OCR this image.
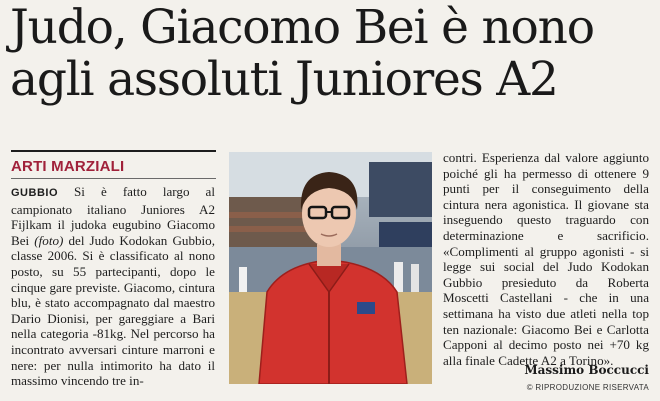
Judo, Giacomo Bei è nono
agli assoluti Juniores A2
ARTI MARZIALI

GUBBIO Si è fatto largo al campionato italiano Juniores A2 Fijlkam il judoka eugubino Giacomo Bei (foto) del Judo Kodokan Gubbio, classe 2006. Si è classificato al nono posto, su 55 partecipanti, dopo le cinque gare previste. Giacomo, cintura blu, è stato accompagnato dal maestro Dario Dionisi, per gareggiare a Bari nella categoria -81kg. Nel percorso ha incontrato avversari cinture marroni e nere: per nulla intimorito ha dato il massimo vincendo tre in-

contri. Esperienza dal valore aggiunto poiché gli ha permesso di ottenere 9 punti per il conseguimento della cintura nera agonistica. Il giovane sta inseguendo questo traguardo con determinazione e sacrificio. «Complimenti al gruppo agonisti - si legge sui social del Judo Kodokan Gubbio presieduto da Roberta Moscetti Castellani - che in una settimana ha visto due atleti nella top ten nazionale: Giacomo Bei e Carlotta Capponi al decimo posto nei +70 kg alla finale Cadette A2 a Torino».

Massimo Boccucci
© RIPRODUZIONE RISERVATA
